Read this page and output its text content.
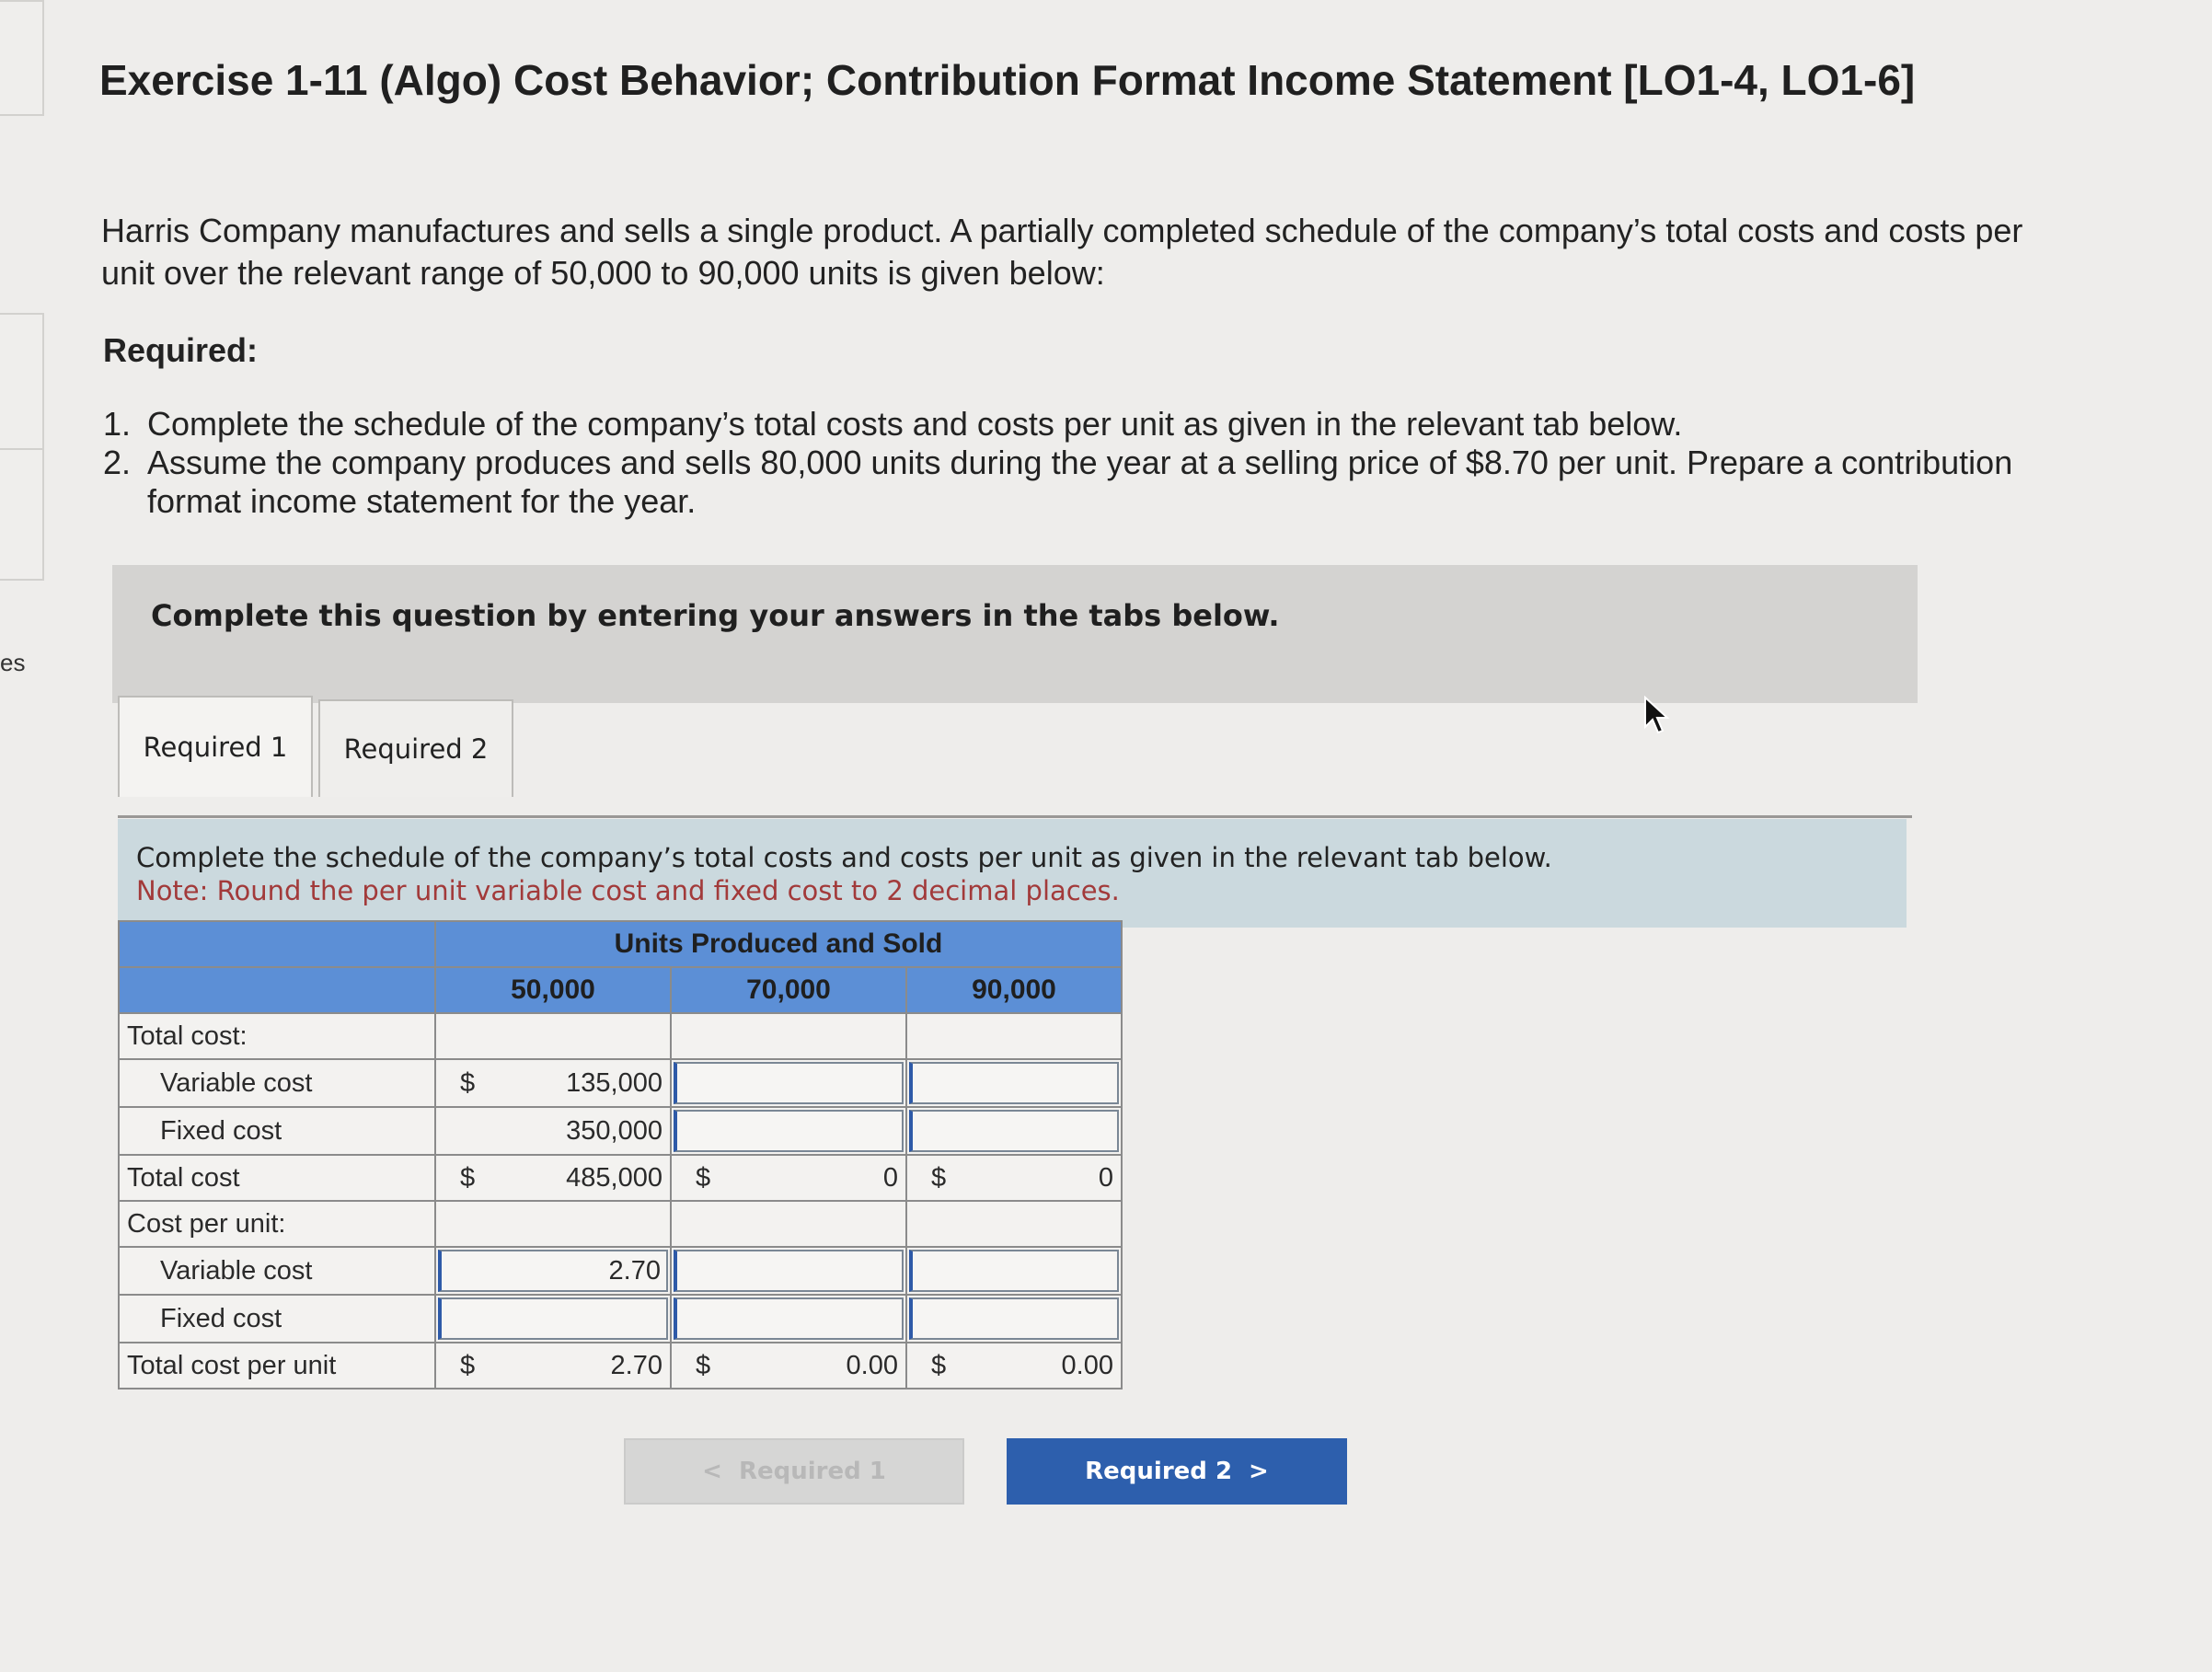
es
Exercise 1-11 (Algo) Cost Behavior; Contribution Format Income Statement [LO1-4, LO1-6]

Harris Company manufactures and sells a single product. A partially completed schedule of the company’s total costs and costs per unit over the relevant range of 50,000 to 90,000 units is given below:

Required:
1. Complete the schedule of the company’s total costs and costs per unit as given in the relevant tab below.
2. Assume the company produces and sells 80,000 units during the year at a selling price of $8.70 per unit. Prepare a contribution format income statement for the year.

Complete this question by entering your answers in the tabs below.

Required 1	Required 2

Complete the schedule of the company’s total costs and costs per unit as given in the relevant tab below.

Note: Round the per unit variable cost and fixed cost to 2 decimal places.

	Units Produced and Sold		
	50,000	70,000	90,000
Total cost:			
Variable cost	$ 135,000		

Fixed cost	350,000		

Total cost	$ 485,000	$ 0	$ 0

Cost per unit:			
Variable cost	2.70		

Fixed cost	

Total cost per unit	$ 2.70	$ 0.00	$ 0.00
< Required 1	Required 2 >
